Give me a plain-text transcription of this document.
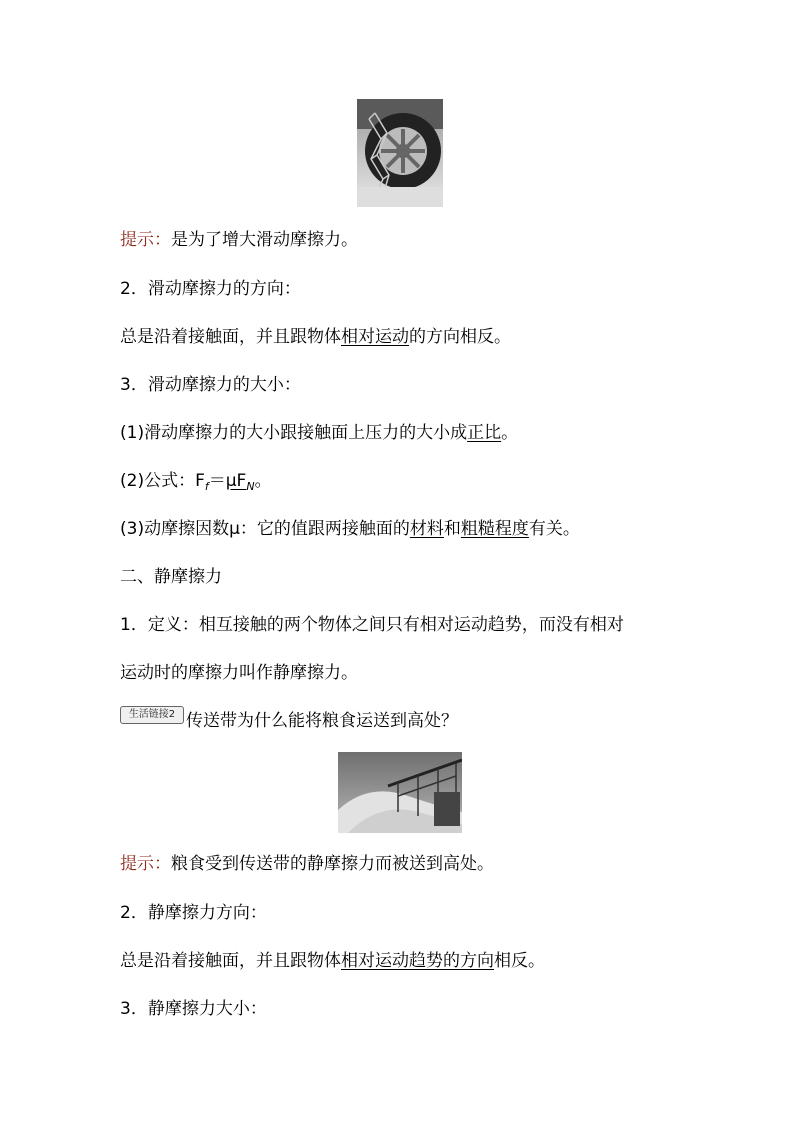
提示：是为了增大滑动摩擦力。
2．滑动摩擦力的方向：
总是沿着接触面，并且跟物体相对运动的方向相反。
3．滑动摩擦力的大小：
(1)滑动摩擦力的大小跟接触面上压力的大小成正比。
(2)公式：$F_f=\mu F_N$。
(3)动摩擦因数μ：它的值跟两接触面的材料和粗糙程度有关。
二、静摩擦力
1．定义：相互接触的两个物体之间只有相对运动趋势，而没有相对
运动时的摩擦力叫作静摩擦力。
生活链接2 传送带为什么能将粮食运送到高处？
提示：粮食受到传送带的静摩擦力而被送到高处。
2．静摩擦力方向：
总是沿着接触面，并且跟物体相对运动趋势的方向相反。
3．静摩擦力大小：
